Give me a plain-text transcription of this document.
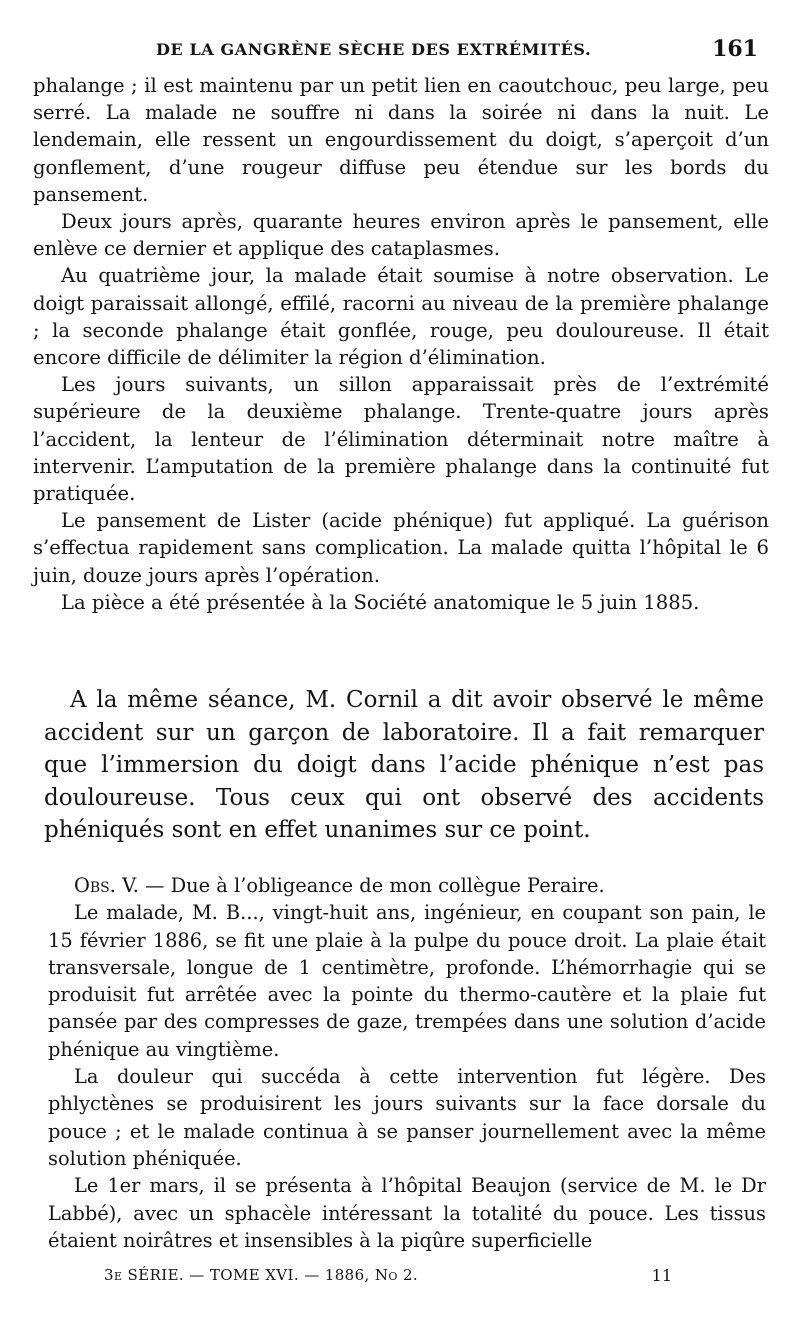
DE LA GANGRÈNE SÈCHE DES EXTRÉMITÉS.	161

phalange ; il est maintenu par un petit lien en caoutchouc, peu large, peu serré. La malade ne souffre ni dans la soirée ni dans la nuit. Le lendemain, elle ressent un engourdissement du doigt, s’aperçoit d’un gonflement, d’une rougeur diffuse peu étendue sur les bords du pansement.

Deux jours après, quarante heures environ après le pansement, elle enlève ce dernier et applique des cataplasmes.

Au quatrième jour, la malade était soumise à notre observation. Le doigt paraissait allongé, effilé, racorni au niveau de la première phalange ; la seconde phalange était gonflée, rouge, peu douloureuse. Il était encore difficile de délimiter la région d’élimination.

Les jours suivants, un sillon apparaissait près de l’extrémité supérieure de la deuxième phalange. Trente-quatre jours après l’accident, la lenteur de l’élimination déterminait notre maître à intervenir. L’amputation de la première phalange dans la continuité fut pratiquée.

Le pansement de Lister (acide phénique) fut appliqué. La guérison s’effectua rapidement sans complication. La malade quitta l’hôpital le 6 juin, douze jours après l’opération.

La pièce a été présentée à la Société anatomique le 5 juin 1885.

A la même séance, M. Cornil a dit avoir observé le même accident sur un garçon de laboratoire. Il a fait remarquer que l’immersion du doigt dans l’acide phénique n’est pas douloureuse. Tous ceux qui ont observé des accidents phéniqués sont en effet unanimes sur ce point.

Obs. V. — Due à l’obligeance de mon collègue Peraire.

Le malade, M. B..., vingt-huit ans, ingénieur, en coupant son pain, le 15 février 1886, se fit une plaie à la pulpe du pouce droit. La plaie était transversale, longue de 1 centimètre, profonde. L’hémorrhagie qui se produisit fut arrêtée avec la pointe du thermo-cautère et la plaie fut pansée par des compresses de gaze, trempées dans une solution d’acide phénique au vingtième.

La douleur qui succéda à cette intervention fut légère. Des phlyctènes se produisirent les jours suivants sur la face dorsale du pouce ; et le malade continua à se panser journellement avec la même solution phéniquée.

Le 1er mars, il se présenta à l’hôpital Beaujon (service de M. le Dr Labbé), avec un sphacèle intéressant la totalité du pouce. Les tissus étaient noirâtres et insensibles à la piqûre superficielle

3e SÉRIE. — TOME XVI. — 1886, No 2.	11
